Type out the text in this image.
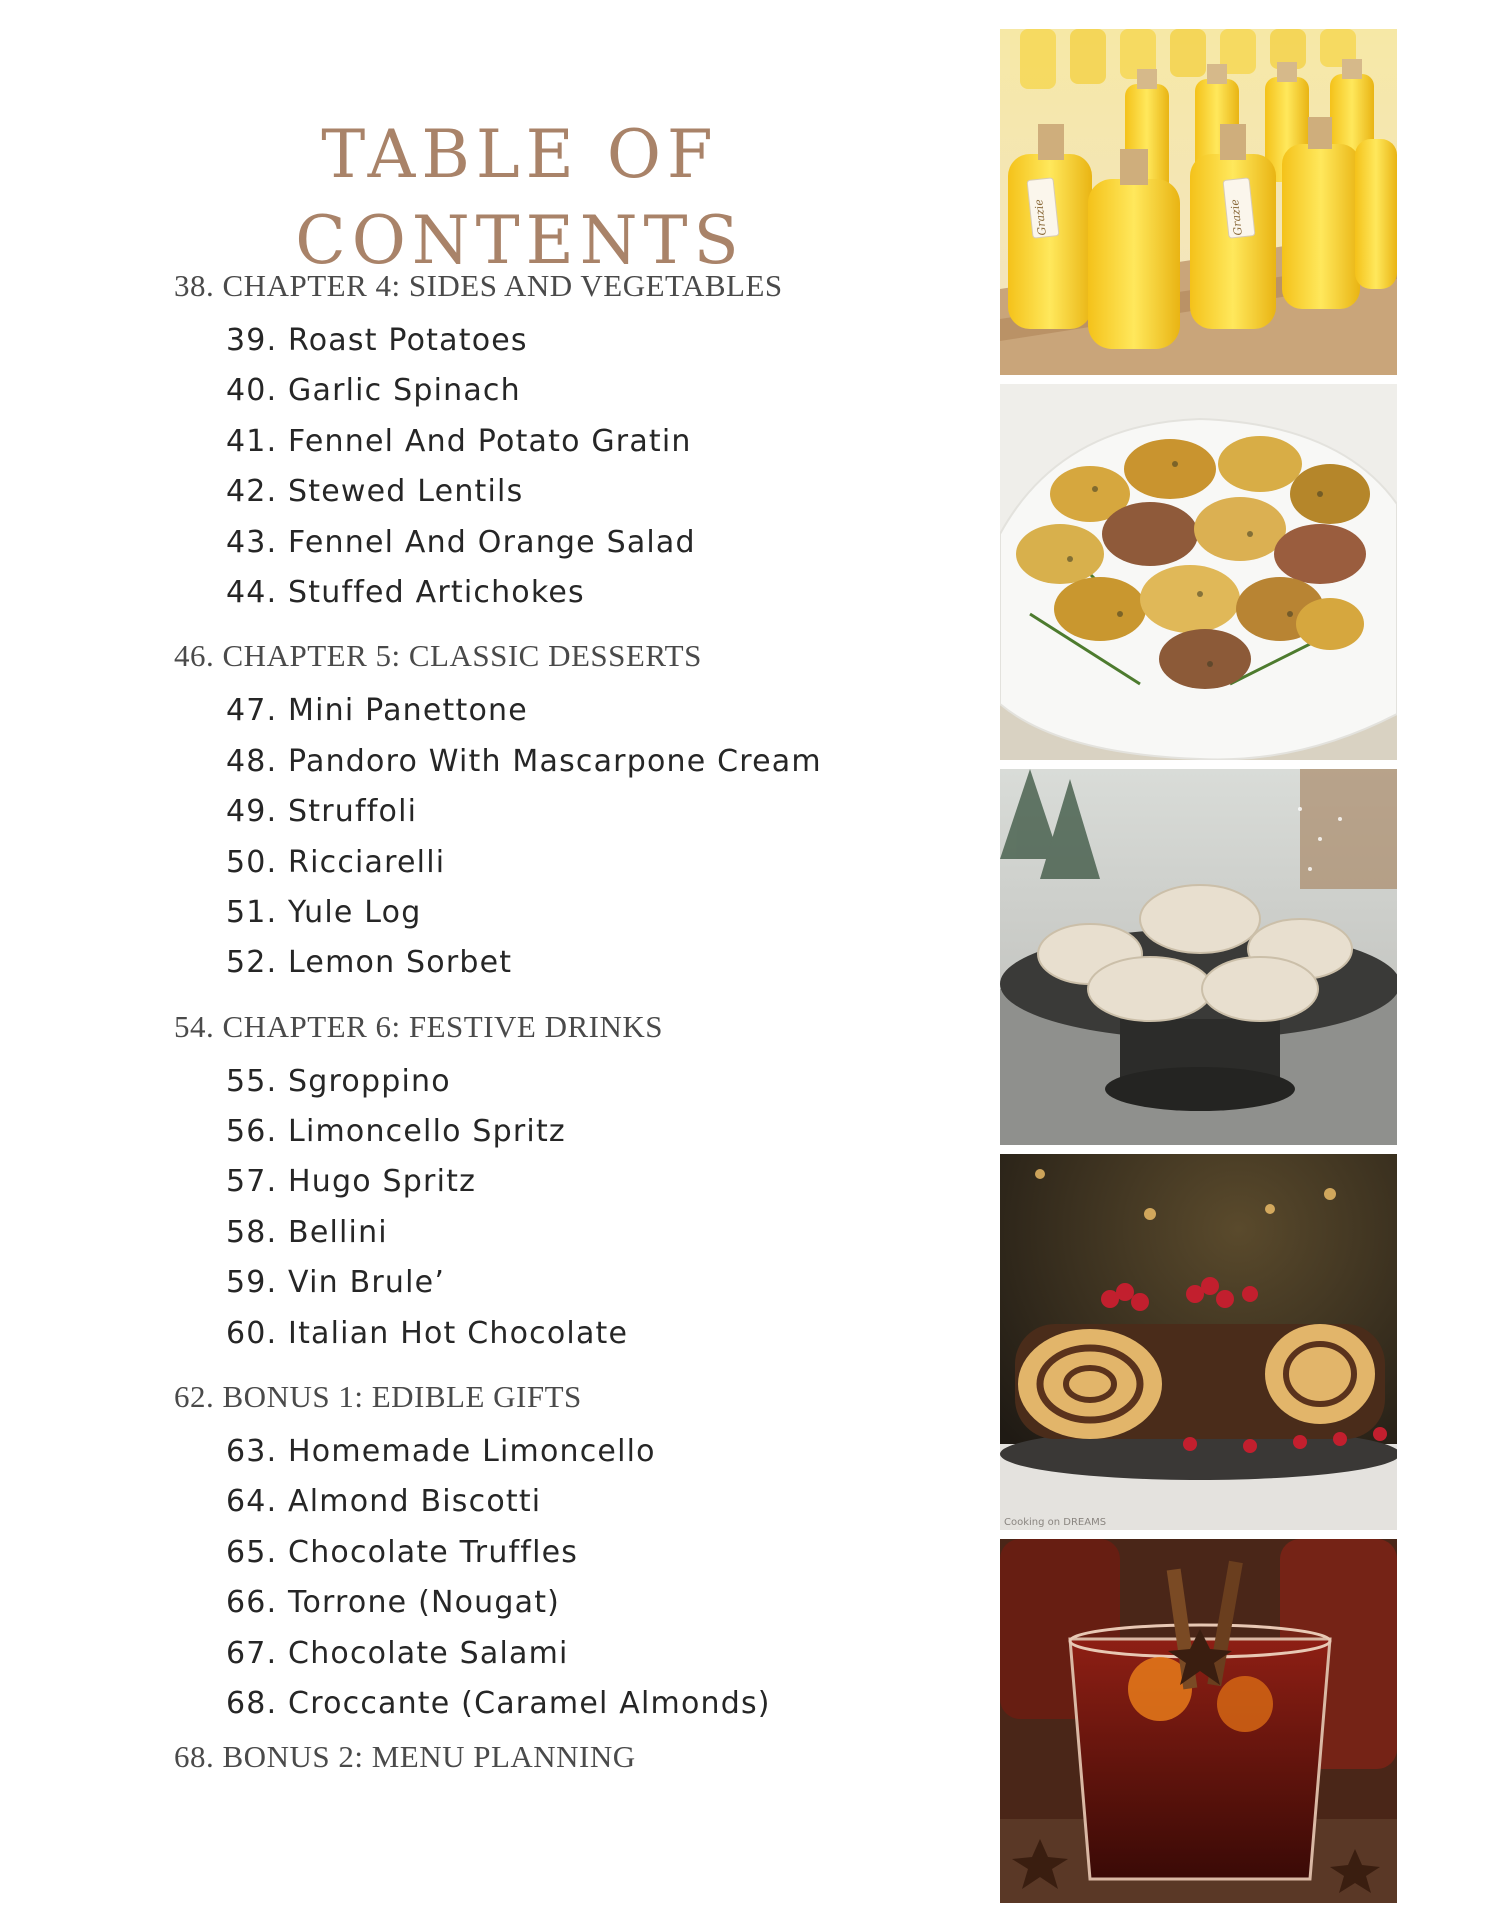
TABLE OF
CONTENTS
38. CHAPTER 4: SIDES AND VEGETABLES
39. Roast Potatoes
40. Garlic Spinach
41. Fennel And Potato Gratin
42. Stewed Lentils
43. Fennel And Orange Salad
44. Stuffed Artichokes
46. CHAPTER 5: CLASSIC DESSERTS
47. Mini Panettone
48. Pandoro With Mascarpone Cream
49. Struffoli
50. Ricciarelli
51. Yule Log
52. Lemon Sorbet
54. CHAPTER 6: FESTIVE DRINKS
55. Sgroppino
56. Limoncello Spritz
57. Hugo Spritz
58. Bellini
59. Vin Brule’
60. Italian Hot Chocolate
62. BONUS 1: EDIBLE GIFTS
63. Homemade Limoncello
64. Almond Biscotti
65. Chocolate Truffles
66. Torrone (Nougat)
67. Chocolate Salami
68. Croccante (Caramel Almonds)
68. BONUS 2: MENU PLANNING
Grazie	Grazie
Cooking on DREAMS
